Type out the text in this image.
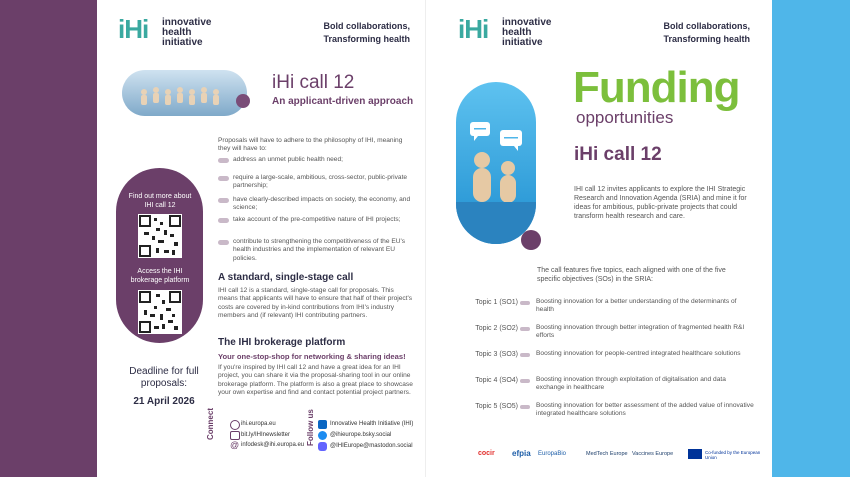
iHi innovative
health
initiative
Bold collaborations,
Transforming health
iHi call 12
An applicant-driven approach
Proposals will have to adhere to the philosophy of IHI, meaning they will have to:
address an unmet public health need;
require a large-scale, ambitious, cross-sector, public-private partnership;
have clearly-described impacts on society, the economy, and science;
take account of the pre-competitive nature of IHI projects;
contribute to strengthening the competitiveness of the EU's health industries and the implementation of relevant EU policies.
A standard, single-stage call
IHI call 12 is a standard, single-stage call for proposals. This means that applicants will have to ensure that half of their project's costs are covered by in-kind contributions from IHI's industry members and (if relevant) IHI contributing partners.
The IHI brokerage platform
Your one-stop-shop for networking & sharing ideas!
If you're inspired by IHI call 12 and have a great idea for an IHI project, you can share it via the proposal-sharing tool in our online brokerage platform. The platform is also a great place to showcase your own expertise and find and contact potential project partners.
Find out more about IHI call 12
Access the IHI brokerage platform
Deadline for full proposals:
21 April 2026
Connect	ihi.europa.eu
bit.ly/IHInewsletter
@ infodesk@ihi.europa.eu Follow us	Innovative Health Initiative (IHI)
@ihieurope.bsky.social
@IHIEurope@mastodon.social
iHi innovative
health
initiative
Bold collaborations,
Transforming health
Funding
opportunities
iHi call 12
IHI call 12 invites applicants to explore the IHI Strategic Research and Innovation Agenda (SRIA) and mine it for ideas for ambitious, public-private projects that could transform health research and care.
The call features five topics, each aligned with one of the five specific objectives (SOs) in the SRIA:
Topic 1 (SO1)	Boosting innovation for a better understanding of the determinants of health
Topic 2 (SO2)	Boosting innovation through better integration of fragmented health R&I efforts
Topic 3 (SO3)	Boosting innovation for people-centred integrated healthcare solutions
Topic 4 (SO4)	Boosting innovation through exploitation of digitalisation and data exchange in healthcare
Topic 5 (SO5)	Boosting innovation for better assessment of the added value of innovative integrated healthcare solutions
cocir efpia EuropaBio	MedTech Europe Vaccines Europe	Co-funded by the European Union
